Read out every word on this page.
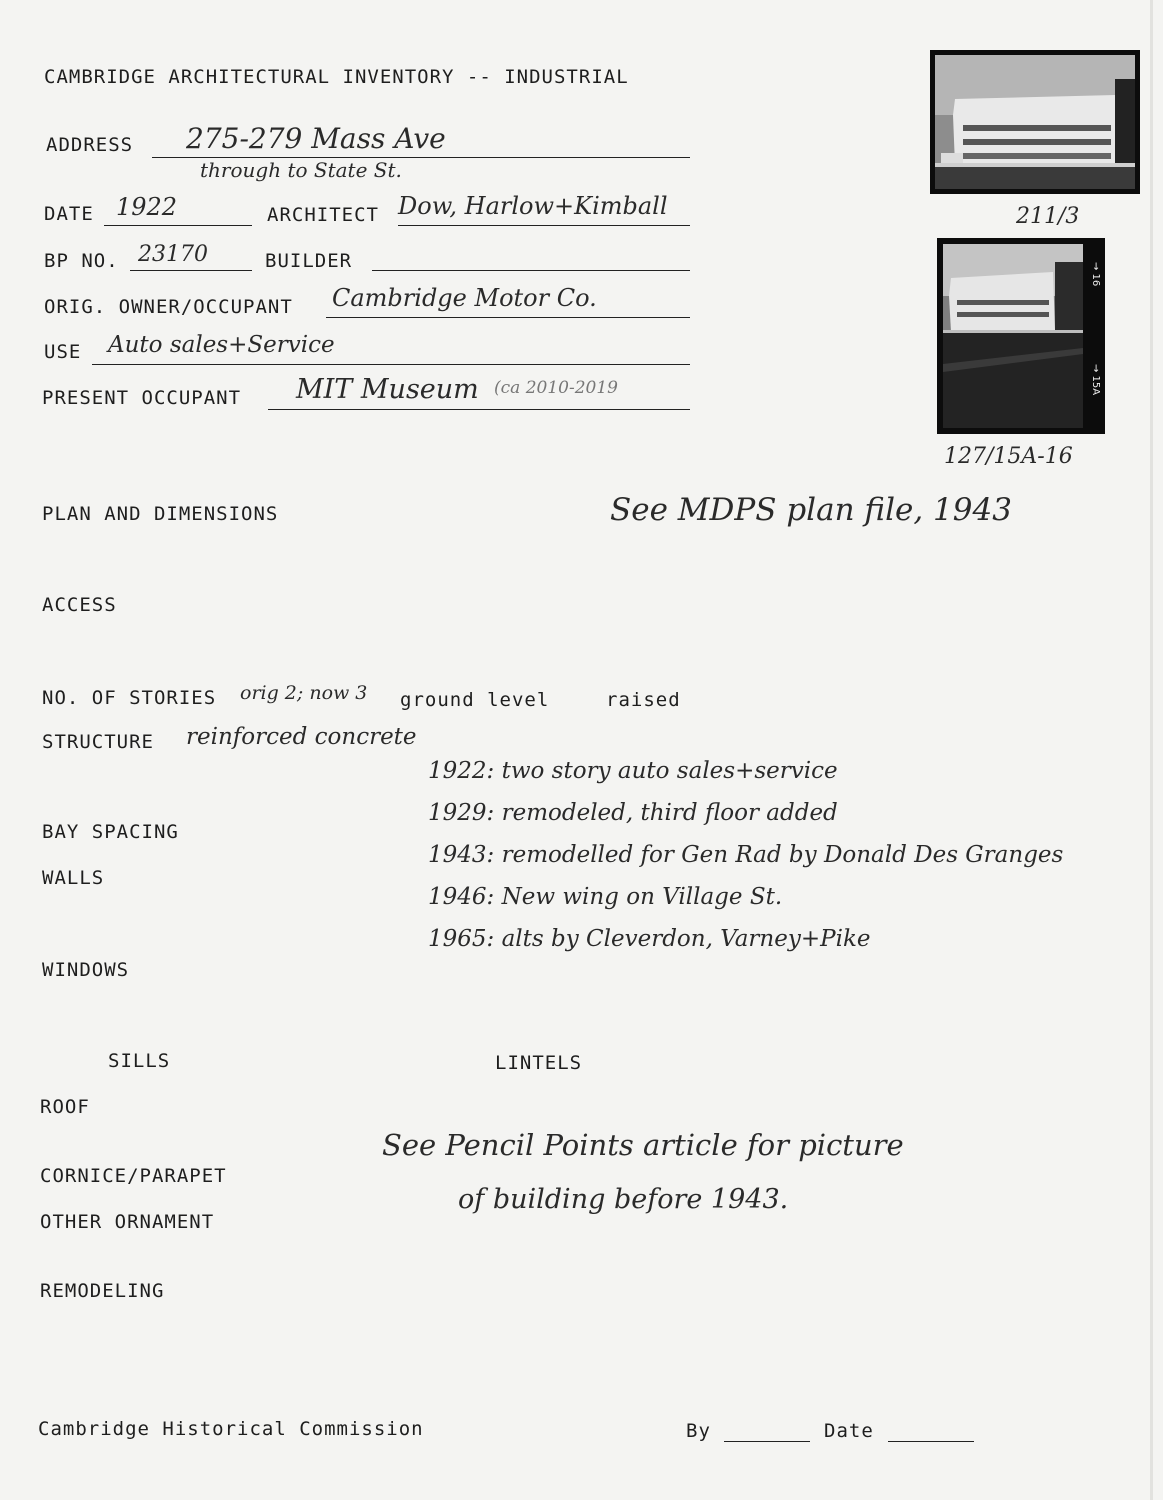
CAMBRIDGE ARCHITECTURAL INVENTORY -- INDUSTRIAL
ADDRESS 275-279 Mass Ave
through to State St.
DATE 1922	ARCHITECT Dow, Harlow+Kimball
BP NO. 23170	BUILDER
ORIG. OWNER/OCCUPANT Cambridge Motor Co.
USE Auto sales+Service
PRESENT OCCUPANT MIT Museum (ca 2010-2019
211/3
→ 16
→ 15A
127/15A-16
PLAN AND DIMENSIONS	See MDPS plan file, 1943
ACCESS
NO. OF STORIES orig 2; now 3 ground level	raised
STRUCTURE reinforced concrete
1922: two story auto sales+service
1929: remodeled, third floor added
1943: remodelled for Gen Rad by Donald Des Granges
1946: New wing on Village St.
1965: alts by Cleverdon, Varney+Pike
BAY SPACING
WALLS
WINDOWS
SILLS	LINTELS
ROOF
See Pencil Points article for picture
of building before 1943.
CORNICE/PARAPET
OTHER ORNAMENT
REMODELING
Cambridge Historical Commission	By	Date
